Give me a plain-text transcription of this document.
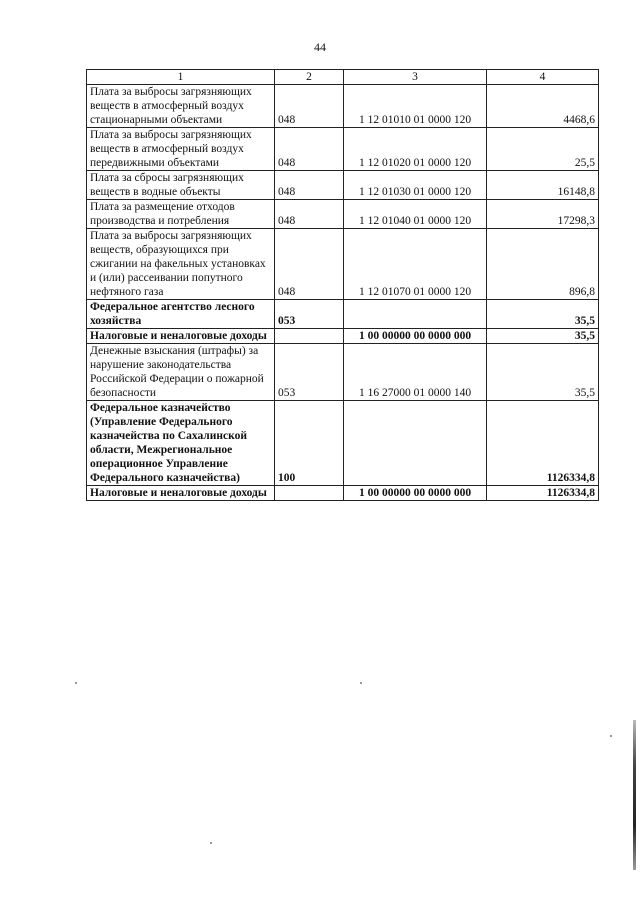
44
1	2	3	4
Плата за выбросы загрязняющих веществ в атмосферный воздух стационарными объектами	048	1 12 01010 01 0000 120	4468,6
Плата за выбросы загрязняющих веществ в атмосферный воздух передвижными объектами	048	1 12 01020 01 0000 120	25,5
Плата за сбросы загрязняющих веществ в водные объекты	048	1 12 01030 01 0000 120	16148,8
Плата за размещение отходов производства и потребления	048	1 12 01040 01 0000 120	17298,3
Плата за выбросы загрязняющих веществ, образующихся при сжигании на факельных установках и (или) рассеивании попутного нефтяного газа	048	1 12 01070 01 0000 120	896,8
Федеральное агентство лесного хозяйства	053		35,5
Налоговые и неналоговые доходы		1 00 00000 00 0000 000	35,5
Денежные взыскания (штрафы) за нарушение законодательства Российской Федерации о пожарной безопасности	053	1 16 27000 01 0000 140	35,5
Федеральное казначейство (Управление Федерального казначейства по Сахалинской области, Межрегиональное операционное Управление Федерального казначейства)	100		1126334,8
Налоговые и неналоговые доходы		1 00 00000 00 0000 000	1126334,8
